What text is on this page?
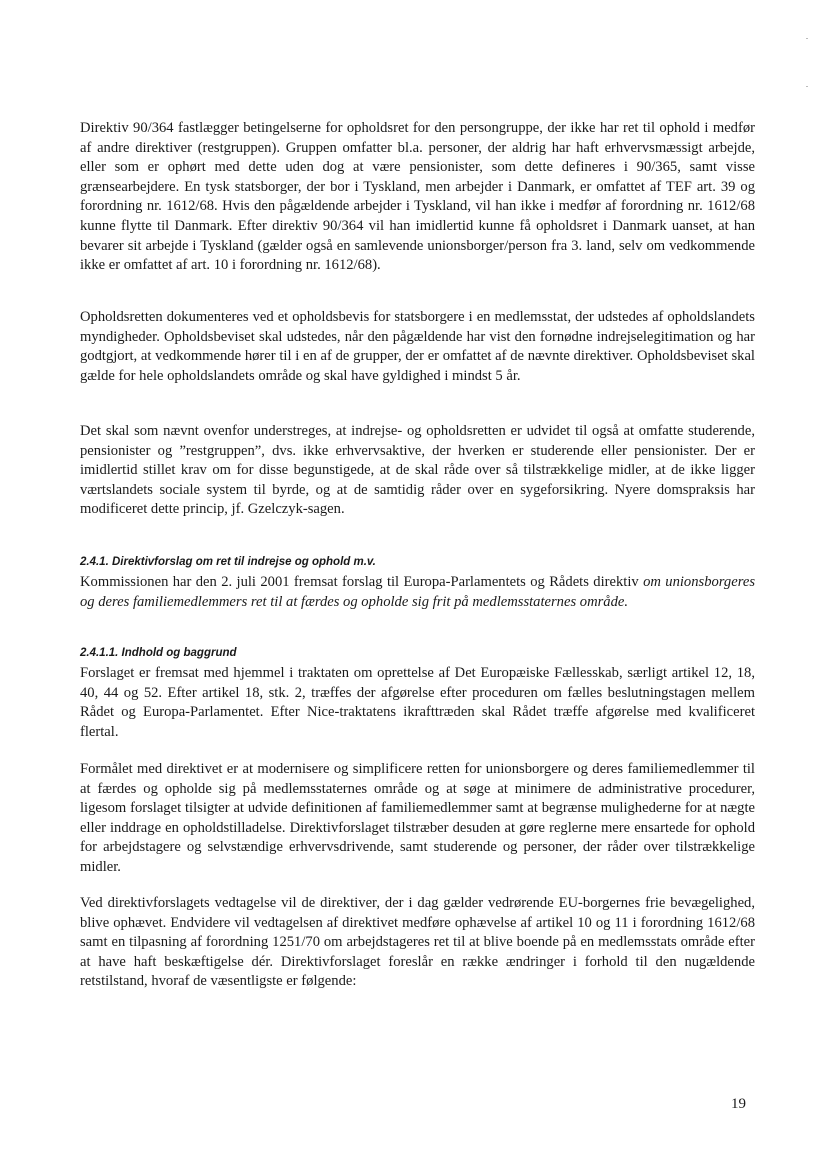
Direktiv 90/364 fastlægger betingelserne for opholdsret for den persongruppe, der ikke har ret til ophold i medfør af andre direktiver (restgruppen). Gruppen omfatter bl.a. personer, der aldrig har haft erhvervsmæssigt arbejde, eller som er ophørt med dette uden dog at være pensionister, som dette defineres i 90/365, samt visse grænsearbejdere. En tysk statsborger, der bor i Tyskland, men arbejder i Danmark, er omfattet af TEF art. 39 og forordning nr. 1612/68. Hvis den pågældende arbejder i Tyskland, vil han ikke i medfør af forordning nr. 1612/68 kunne flytte til Danmark. Efter direktiv 90/364 vil han imidlertid kunne få opholdsret i Danmark uanset, at han bevarer sit arbejde i Tyskland (gælder også en samlevende unionsborger/person fra 3. land, selv om vedkommende ikke er omfattet af art. 10 i forordning nr. 1612/68).

Opholdsretten dokumenteres ved et opholdsbevis for statsborgere i en medlemsstat, der udstedes af opholdslandets myndigheder. Opholdsbeviset skal udstedes, når den pågældende har vist den fornødne indrejselegitimation og har godtgjort, at vedkommende hører til i en af de grupper, der er omfattet af de nævnte direktiver. Opholdsbeviset skal gælde for hele opholdslandets område og skal have gyldighed i mindst 5 år.

Det skal som nævnt ovenfor understreges, at indrejse- og opholdsretten er udvidet til også at omfatte studerende, pensionister og ”restgruppen”, dvs. ikke erhvervsaktive, der hverken er studerende eller pensionister. Der er imidlertid stillet krav om for disse begunstigede, at de skal råde over så tilstrækkelige midler, at de ikke ligger værtslandets sociale system til byrde, og at de samtidig råder over en sygeforsikring. Nyere domspraksis har modificeret dette princip, jf. Gzelczyk-sagen.

2.4.1. Direktivforslag om ret til indrejse og ophold m.v.

Kommissionen har den 2. juli 2001 fremsat forslag til Europa-Parlamentets og Rådets direktiv om unionsborgeres og deres familiemedlemmers ret til at færdes og opholde sig frit på medlemsstaternes område.

2.4.1.1. Indhold og baggrund

Forslaget er fremsat med hjemmel i traktaten om oprettelse af Det Europæiske Fællesskab, særligt artikel 12, 18, 40, 44 og 52. Efter artikel 18, stk. 2, træffes der afgørelse efter proceduren om fælles beslutningstagen mellem Rådet og Europa-Parlamentet. Efter Nice-traktatens ikrafttræden skal Rådet træffe afgørelse med kvalificeret flertal.

Formålet med direktivet er at modernisere og simplificere retten for unionsborgere og deres familiemedlemmer til at færdes og opholde sig på medlemsstaternes område og at søge at minimere de administrative procedurer, ligesom forslaget tilsigter at udvide definitionen af familiemedlemmer samt at begrænse mulighederne for at nægte eller inddrage en opholdstilladelse. Direktivforslaget tilstræber desuden at gøre reglerne mere ensartede for ophold for arbejdstagere og selvstændige erhvervsdrivende, samt studerende og personer, der råder over tilstrækkelige midler.

Ved direktivforslagets vedtagelse vil de direktiver, der i dag gælder vedrørende EU-borgernes frie bevægelighed, blive ophævet. Endvidere vil vedtagelsen af direktivet medføre ophævelse af artikel 10 og 11 i forordning 1612/68 samt en tilpasning af forordning 1251/70 om arbejdstageres ret til at blive boende på en medlemsstats område efter at have haft beskæftigelse dér. Direktivforslaget foreslår en række ændringer i forhold til den nugældende retstilstand, hvoraf de væsentligste er følgende:

19
